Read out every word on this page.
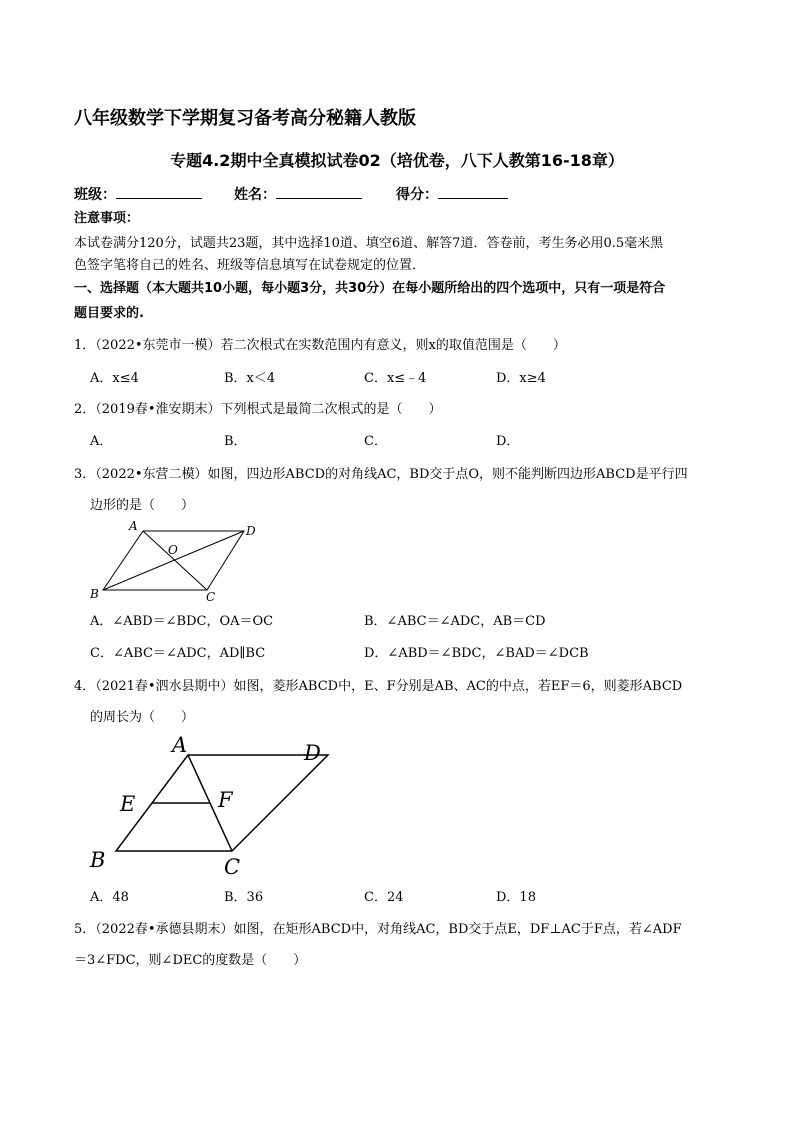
八年级数学下学期复习备考高分秘籍人教版
专题4.2期中全真模拟试卷02（培优卷，八下人教第16-18章）
班级：	姓名：	得分：
注意事项：
本试卷满分120分，试题共23题，其中选择10道、填空6道、解答7道．答卷前，考生务必用0.5毫米黑
色签字笔将自己的姓名、班级等信息填写在试卷规定的位置．
一、选择题（本大题共10小题，每小题3分，共30分）在每小题所给出的四个选项中，只有一项是符合
题目要求的.
1．（2022•东莞市一模）若二次根式在实数范围内有意义，则x的取值范围是（　　）
A．x≤4	B．x＜4	C．x≤﹣4	D．x≥4
2．（2019春•淮安期末）下列根式是最简二次根式的是（　　）
A．	B．	C．	D．
3．（2022•东营二模）如图，四边形ABCD的对角线AC，BD交于点O，则不能判断四边形ABCD是平行四
边形的是（　　）
A	D
O
B	C
A．∠ABD＝∠BDC，OA＝OC	B．∠ABC＝∠ADC，AB＝CD
C．∠ABC＝∠ADC，AD∥BC	D．∠ABD＝∠BDC，∠BAD＝∠DCB
4．（2021春•泗水县期中）如图，菱形ABCD中，E、F分别是AB、AC的中点，若EF＝6，则菱形ABCD
的周长为（　　）
A	D
E	F
B	C
A．48	B．36	C．24	D．18
5．（2022春•承德县期末）如图，在矩形ABCD中，对角线AC，BD交于点E，DF⊥AC于F点，若∠ADF
＝3∠FDC，则∠DEC的度数是（　　）
